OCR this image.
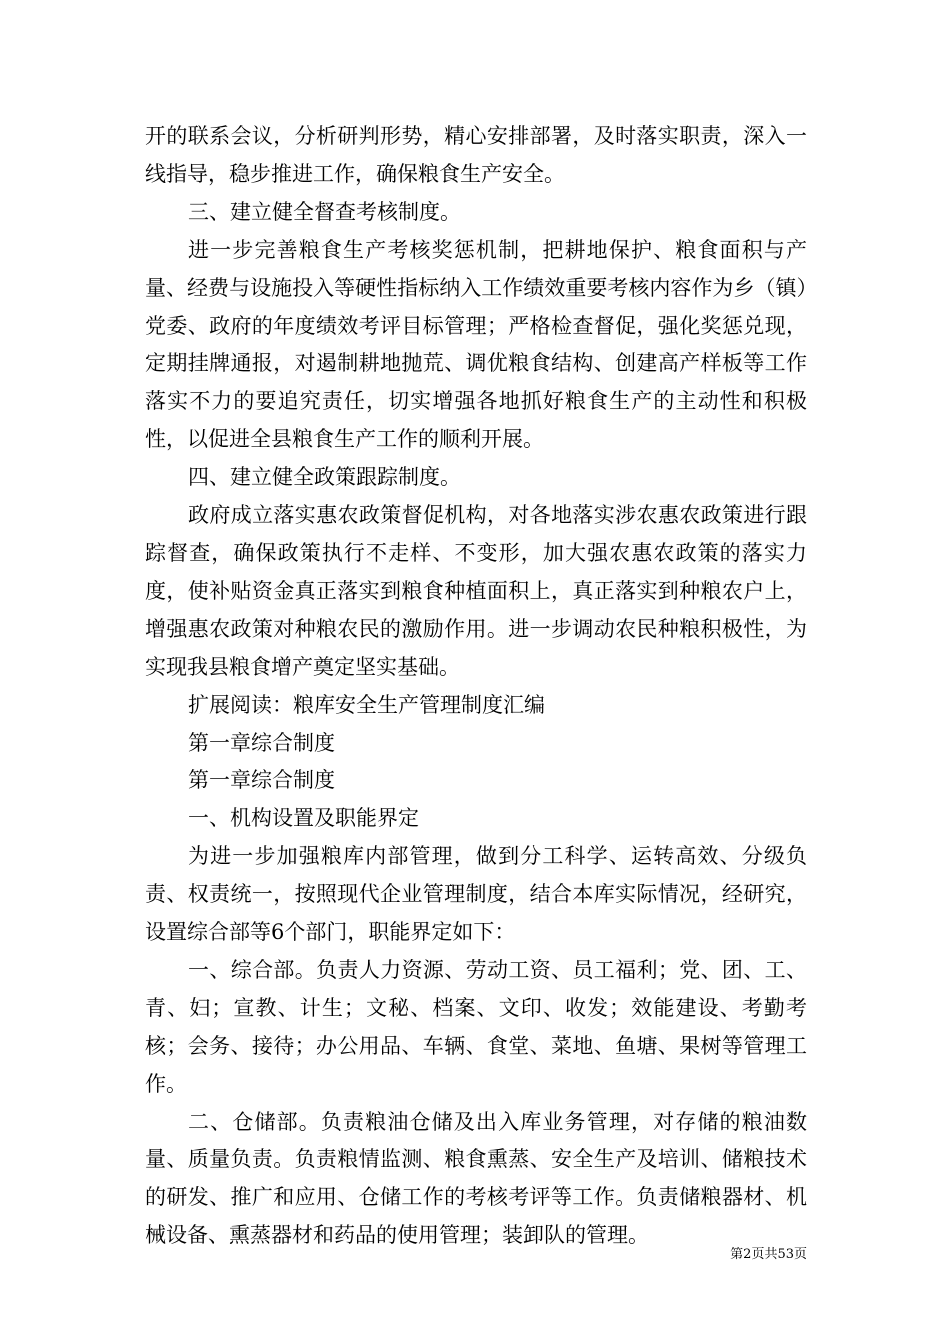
开的联系会议，分析研判形势，精心安排部署，及时落实职责，深入一线指导，稳步推进工作，确保粮食生产安全。

三、建立健全督查考核制度。

进一步完善粮食生产考核奖惩机制，把耕地保护、粮食面积与产量、经费与设施投入等硬性指标纳入工作绩效重要考核内容作为乡（镇）党委、政府的年度绩效考评目标管理；严格检查督促，强化奖惩兑现，定期挂牌通报，对遏制耕地抛荒、调优粮食结构、创建高产样板等工作落实不力的要追究责任，切实增强各地抓好粮食生产的主动性和积极性，以促进全县粮食生产工作的顺利开展。

四、建立健全政策跟踪制度。

政府成立落实惠农政策督促机构，对各地落实涉农惠农政策进行跟踪督查，确保政策执行不走样、不变形，加大强农惠农政策的落实力度，使补贴资金真正落实到粮食种植面积上，真正落实到种粮农户上，增强惠农政策对种粮农民的激励作用。进一步调动农民种粮积极性，为实现我县粮食增产奠定坚实基础。

扩展阅读：粮库安全生产管理制度汇编

第一章综合制度

第一章综合制度

一、机构设置及职能界定

为进一步加强粮库内部管理，做到分工科学、运转高效、分级负责、权责统一，按照现代企业管理制度，结合本库实际情况，经研究，设置综合部等6个部门，职能界定如下：

一、综合部。负责人力资源、劳动工资、员工福利；党、团、工、青、妇；宣教、计生；文秘、档案、文印、收发；效能建设、考勤考核；会务、接待；办公用品、车辆、食堂、菜地、鱼塘、果树等管理工作。

二、仓储部。负责粮油仓储及出入库业务管理，对存储的粮油数量、质量负责。负责粮情监测、粮食熏蒸、安全生产及培训、储粮技术的研发、推广和应用、仓储工作的考核考评等工作。负责储粮器材、机械设备、熏蒸器材和药品的使用管理；装卸队的管理。

第2页共53页
